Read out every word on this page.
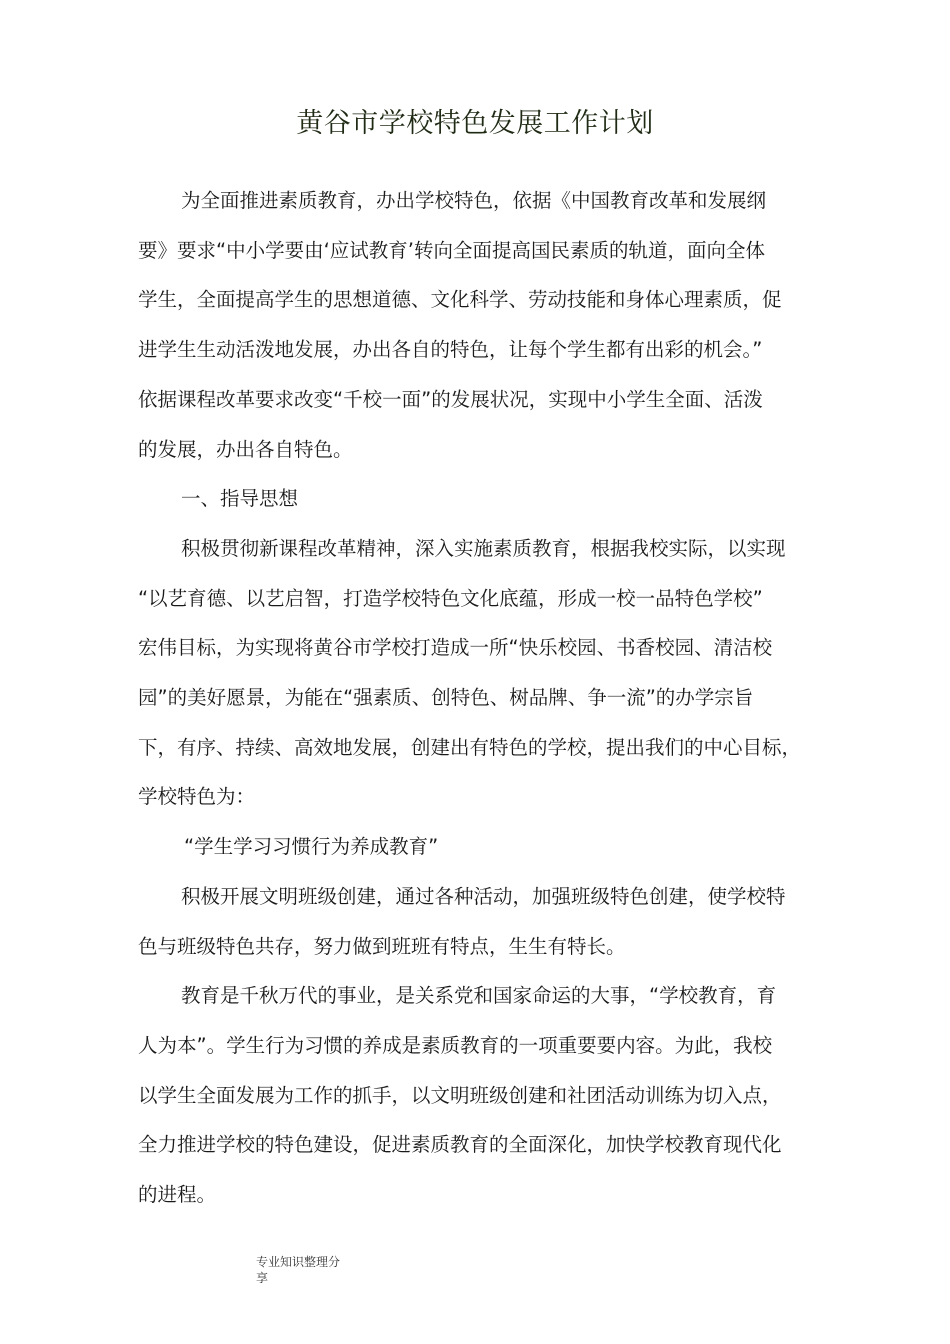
黄谷市学校特色发展工作计划

为全面推进素质教育，办出学校特色，依据《中国教育改革和发展纲
要》要求“中小学要由‘应试教育’转向全面提高国民素质的轨道，面向全体
学生，全面提高学生的思想道德、文化科学、劳动技能和身体心理素质，促
进学生生动活泼地发展，办出各自的特色，让每个学生都有出彩的机会。”
依据课程改革要求改变“千校一面”的发展状况，实现中小学生全面、活泼
的发展，办出各自特色。

一、指导思想

积极贯彻新课程改革精神，深入实施素质教育，根据我校实际，以实现
“以艺育德、以艺启智，打造学校特色文化底蕴，形成一校一品特色学校”
宏伟目标，为实现将黄谷市学校打造成一所“快乐校园、书香校园、清洁校
园”的美好愿景，为能在“强素质、创特色、树品牌、争一流”的办学宗旨
下，有序、持续、高效地发展，创建出有特色的学校，提出我们的中心目标，
学校特色为：

“学生学习习惯行为养成教育”

积极开展文明班级创建，通过各种活动，加强班级特色创建，使学校特
色与班级特色共存，努力做到班班有特点，生生有特长。

教育是千秋万代的事业，是关系党和国家命运的大事，“学校教育，育
人为本”。学生行为习惯的养成是素质教育的一项重要要内容。为此，我校
以学生全面发展为工作的抓手，以文明班级创建和社团活动训练为切入点，
全力推进学校的特色建设，促进素质教育的全面深化，加快学校教育现代化
的进程。

专业知识整理分
享
